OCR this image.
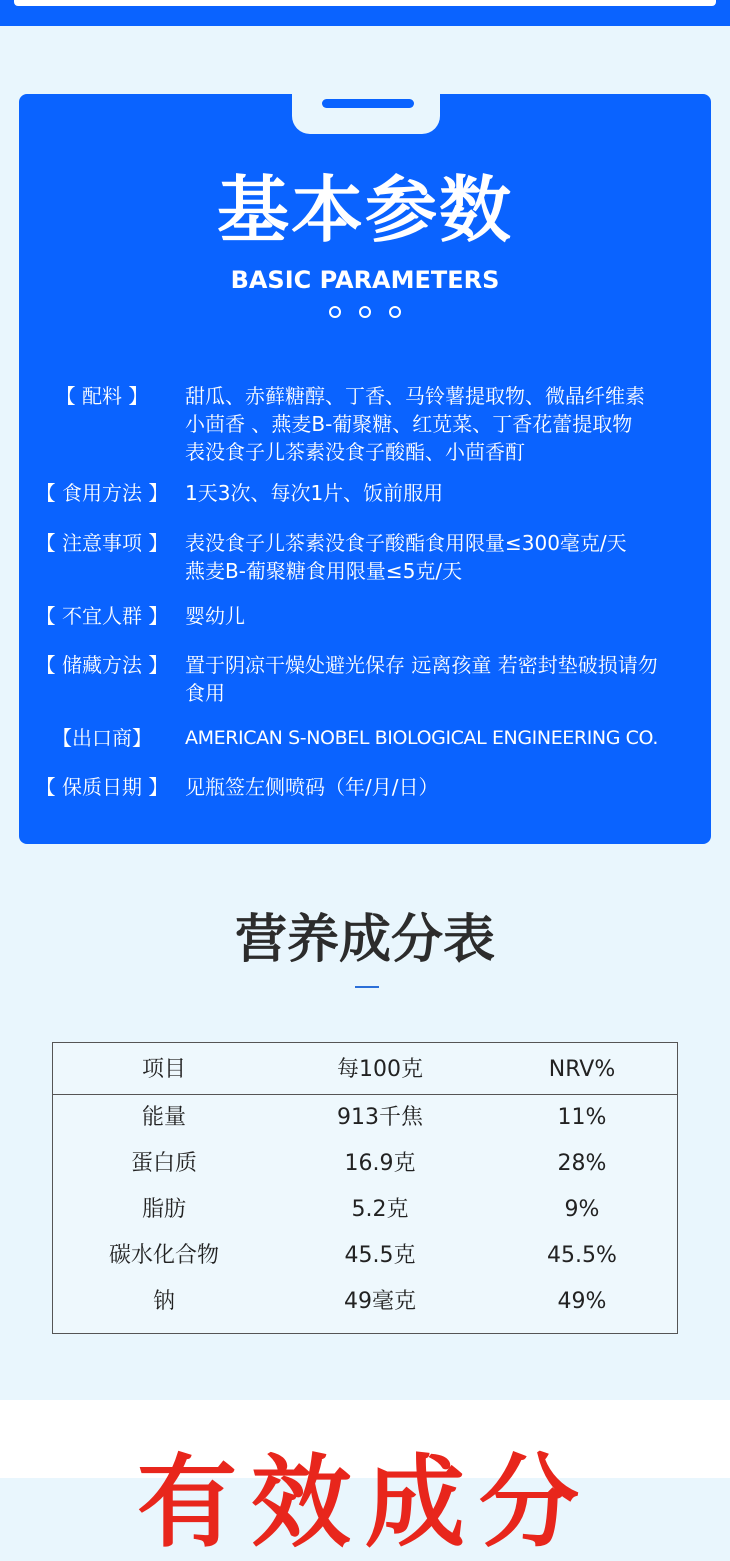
基本参数
BASIC PARAMETERS
【 配料 】	甜瓜、赤藓糖醇、丁香、马铃薯提取物、微晶纤维素
小茴香 、燕麦B-葡聚糖、红苋菜、丁香花蕾提取物
表没食子儿茶素没食子酸酯、小茴香酊
【 食用方法 】 1天3次、每次1片、饭前服用
【 注意事项 】 表没食子儿茶素没食子酸酯食用限量≤300毫克/天
燕麦B-葡聚糖食用限量≤5克/天
【 不宜人群 】 婴幼儿
【 储藏方法 】 置于阴凉干燥处避光保存 远离孩童 若密封垫破损请勿
食用
【出口商】	AMERICAN S-NOBEL BIOLOGICAL ENGINEERING CO.
【 保质日期 】 见瓶签左侧喷码（年/月/日）
营养成分表
项目	每100克	NRV%
能量	913千焦	11%
蛋白质	16.9克	28%
脂肪	5.2克	9%
碳水化合物	45.5克	45.5%
钠	49毫克	49%
有效成分
